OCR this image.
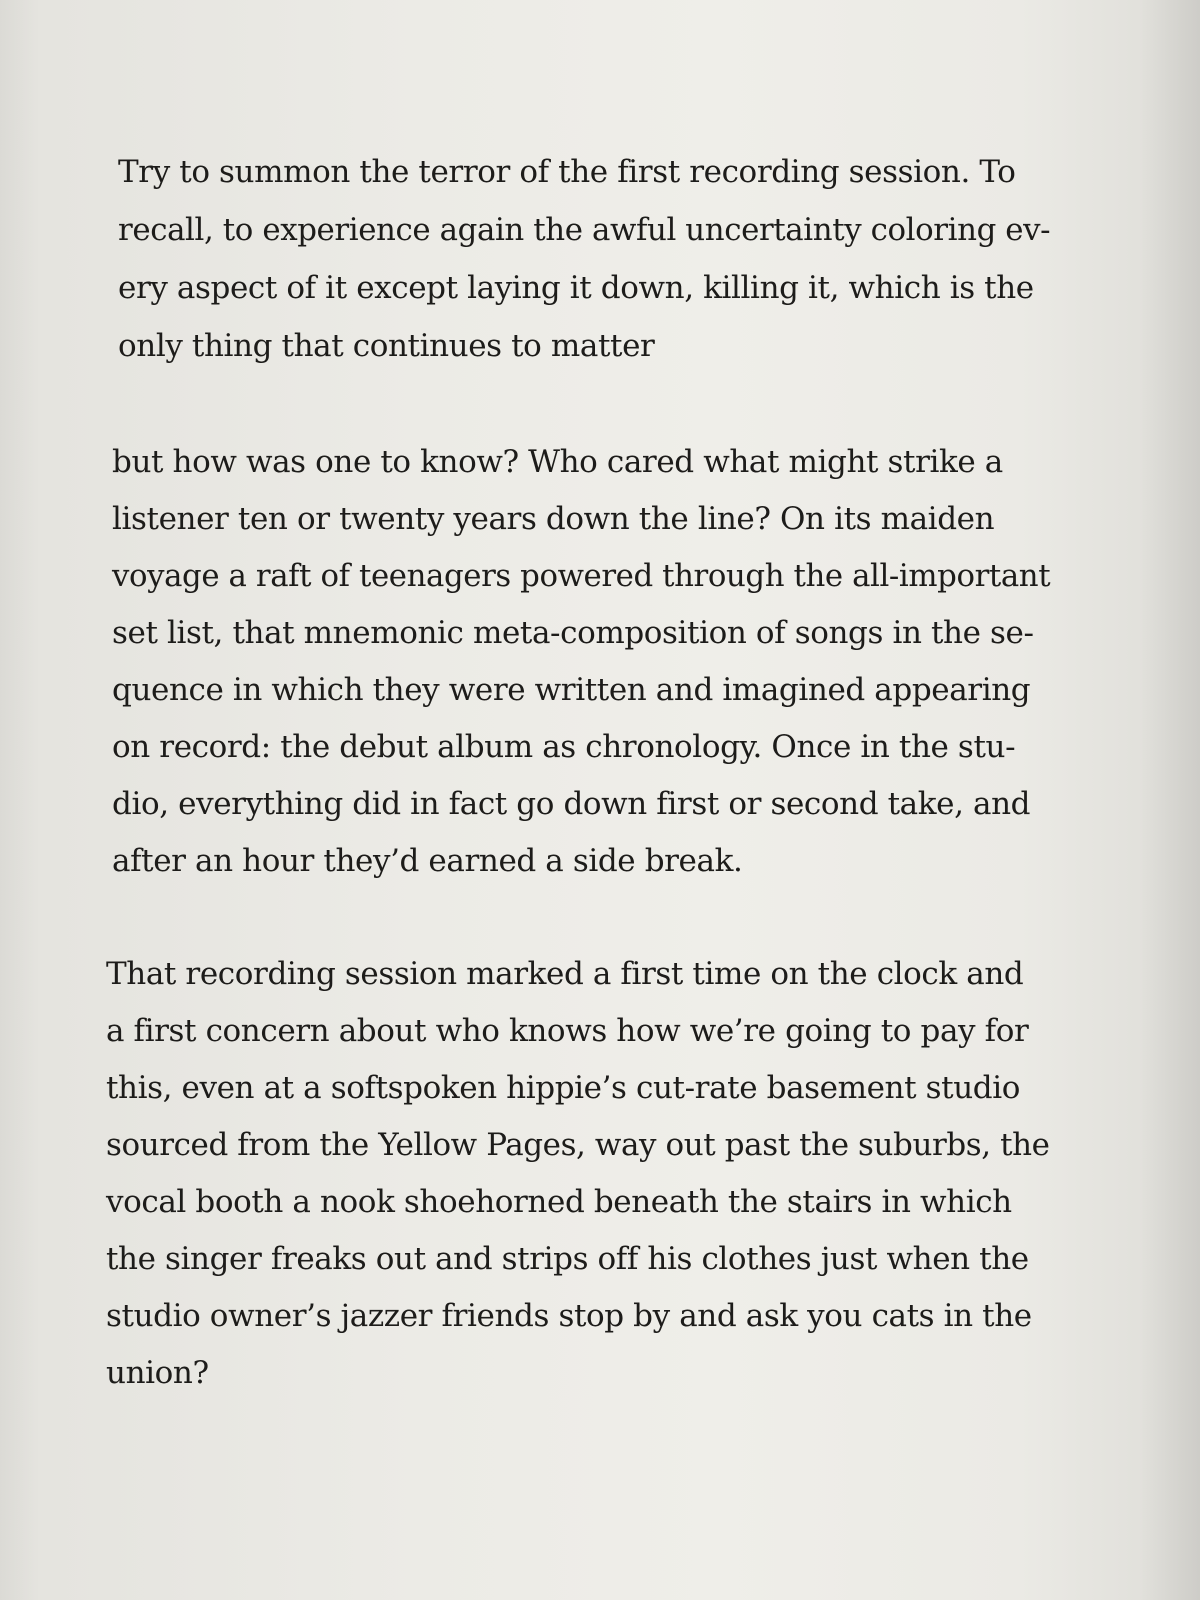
Try to summon the terror of the first recording session. To

recall, to experience again the awful uncertainty coloring ev-

ery aspect of it except laying it down, killing it, which is the

only thing that continues to matter

but how was one to know? Who cared what might strike a

listener ten or twenty years down the line? On its maiden

voyage a raft of teenagers powered through the all-important

set list, that mnemonic meta-composition of songs in the se-

quence in which they were written and imagined appearing

on record: the debut album as chronology. Once in the stu-

dio, everything did in fact go down first or second take, and

after an hour they’d earned a side break.

That recording session marked a first time on the clock and

a first concern about who knows how we’re going to pay for

this, even at a softspoken hippie’s cut-rate basement studio

sourced from the Yellow Pages, way out past the suburbs, the

vocal booth a nook shoehorned beneath the stairs in which

the singer freaks out and strips off his clothes just when the

studio owner’s jazzer friends stop by and ask you cats in the

union?
